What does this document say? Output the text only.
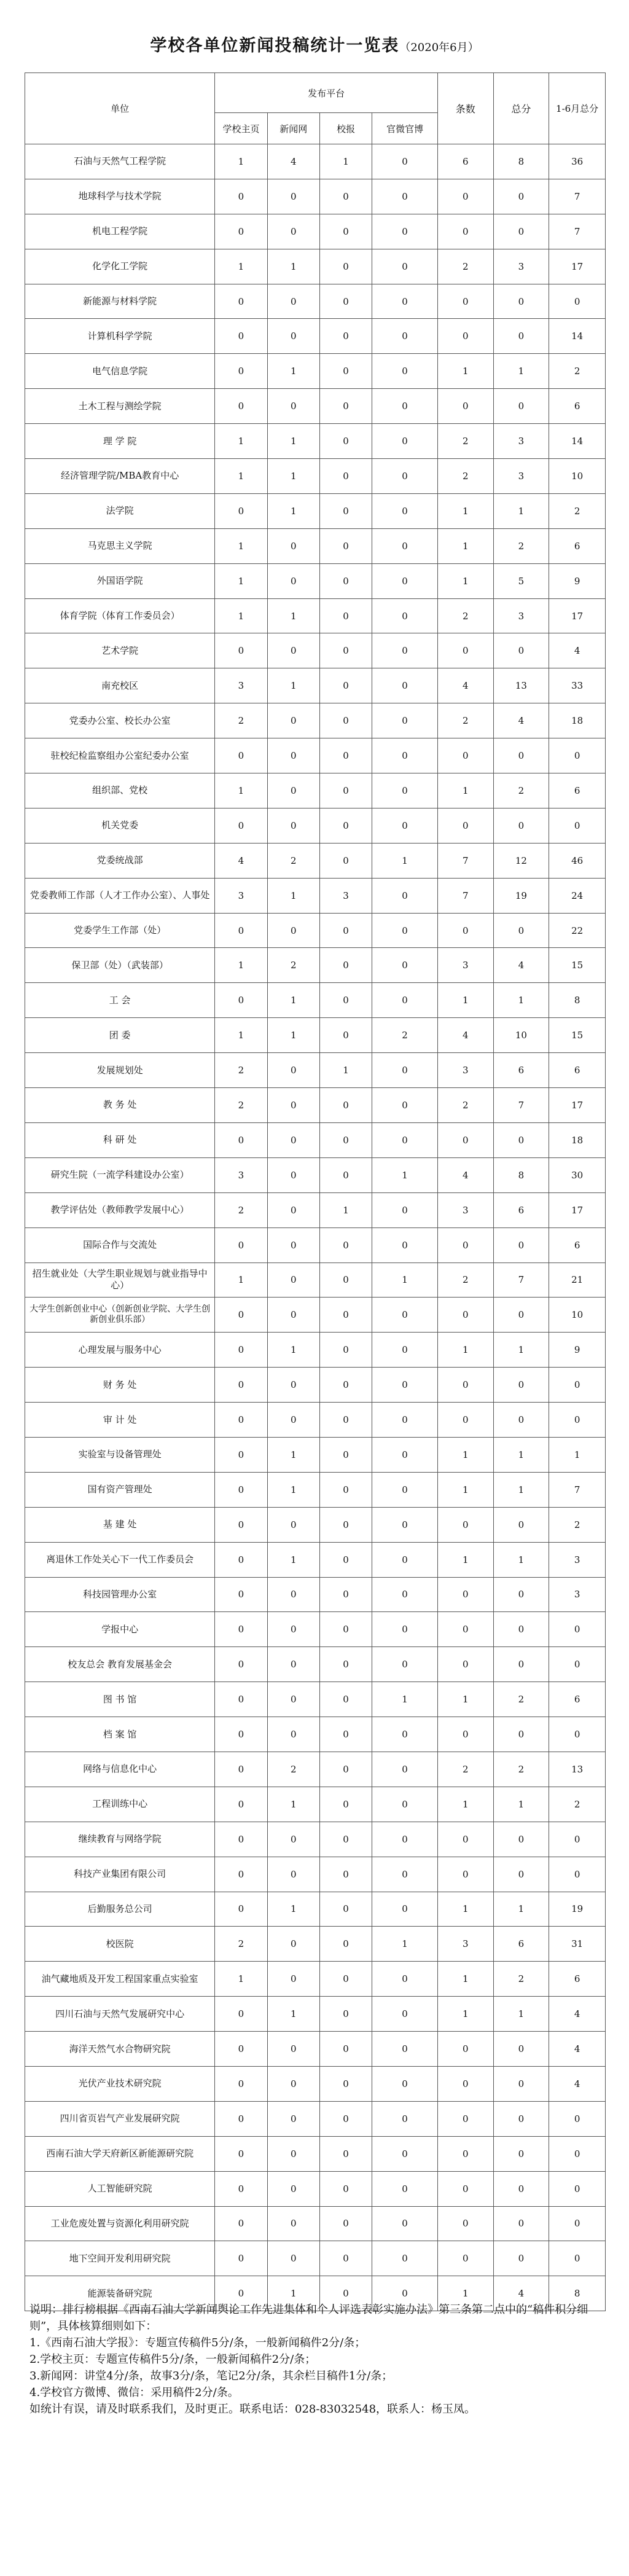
学校各单位新闻投稿统计一览表（2020年6月）
单位	发布平台				条数	总分	1-6月总分
	学校主页	新闻网	校报	官微官博			
石油与天然气工程学院	1	4	1	0	6	8	36
地球科学与技术学院	0	0	0	0	0	0	7
机电工程学院	0	0	0	0	0	0	7
化学化工学院	1	1	0	0	2	3	17
新能源与材料学院	0	0	0	0	0	0	0
计算机科学学院	0	0	0	0	0	0	14
电气信息学院	0	1	0	0	1	1	2
土木工程与测绘学院	0	0	0	0	0	0	6
理 学 院	1	1	0	0	2	3	14
经济管理学院/MBA教育中心	1	1	0	0	2	3	10
法学院	0	1	0	0	1	1	2
马克思主义学院	1	0	0	0	1	2	6
外国语学院	1	0	0	0	1	5	9
体育学院（体育工作委员会）	1	1	0	0	2	3	17
艺术学院	0	0	0	0	0	0	4
南充校区	3	1	0	0	4	13	33
党委办公室、校长办公室	2	0	0	0	2	4	18
驻校纪检监察组办公室纪委办公室	0	0	0	0	0	0	0
组织部、党校	1	0	0	0	1	2	6
机关党委	0	0	0	0	0	0	0
党委统战部	4	2	0	1	7	12	46
党委教师工作部（人才工作办公室）、人事处	3	1	3	0	7	19	24
党委学生工作部（处）	0	0	0	0	0	0	22
保卫部（处）（武装部）	1	2	0	0	3	4	15
工 会	0	1	0	0	1	1	8
团 委	1	1	0	2	4	10	15
发展规划处	2	0	1	0	3	6	6
教 务 处	2	0	0	0	2	7	17
科 研 处	0	0	0	0	0	0	18
研究生院（一流学科建设办公室）	3	0	0	1	4	8	30
教学评估处（教师教学发展中心）	2	0	1	0	3	6	17
国际合作与交流处	0	0	0	0	0	0	6
招生就业处（大学生职业规划与就业指导中心）	1	0	0	1	2	7	21
大学生创新创业中心（创新创业学院、大学生创新创业俱乐部）	0	0	0	0	0	0	10
心理发展与服务中心	0	1	0	0	1	1	9
财 务 处	0	0	0	0	0	0	0
审 计 处	0	0	0	0	0	0	0
实验室与设备管理处	0	1	0	0	1	1	1
国有资产管理处	0	1	0	0	1	1	7
基 建 处	0	0	0	0	0	0	2
离退休工作处关心下一代工作委员会	0	1	0	0	1	1	3
科技园管理办公室	0	0	0	0	0	0	3
学报中心	0	0	0	0	0	0	0
校友总会 教育发展基金会	0	0	0	0	0	0	0
图 书 馆	0	0	0	1	1	2	6
档 案 馆	0	0	0	0	0	0	0
网络与信息化中心	0	2	0	0	2	2	13
工程训练中心	0	1	0	0	1	1	2
继续教育与网络学院	0	0	0	0	0	0	0
科技产业集团有限公司	0	0	0	0	0	0	0
后勤服务总公司	0	1	0	0	1	1	19
校医院	2	0	0	1	3	6	31
油气藏地质及开发工程国家重点实验室	1	0	0	0	1	2	6
四川石油与天然气发展研究中心	0	1	0	0	1	1	4
海洋天然气水合物研究院	0	0	0	0	0	0	4
光伏产业技术研究院	0	0	0	0	0	0	4
四川省页岩气产业发展研究院	0	0	0	0	0	0	0
西南石油大学天府新区新能源研究院	0	0	0	0	0	0	0
人工智能研究院	0	0	0	0	0	0	0
工业危废处置与资源化利用研究院	0	0	0	0	0	0	0
地下空间开发利用研究院	0	0	0	0	0	0	0
能源装备研究院	0	1	0	0	1	4	8

说明：排行榜根据《西南石油大学新闻舆论工作先进集体和个人评选表彰实施办法》第三条第二点中的“稿件积分细则”，具体核算细则如下：

1.《西南石油大学报》：专题宣传稿件5分/条，一般新闻稿件2分/条；

2.学校主页：专题宣传稿件5分/条，一般新闻稿件2分/条；

3.新闻网：讲堂4分/条，故事3分/条，笔记2分/条，其余栏目稿件1分/条；

4.学校官方微博、微信：采用稿件2分/条。

如统计有误，请及时联系我们，及时更正。联系电话：028-83032548，联系人：杨玉凤。
